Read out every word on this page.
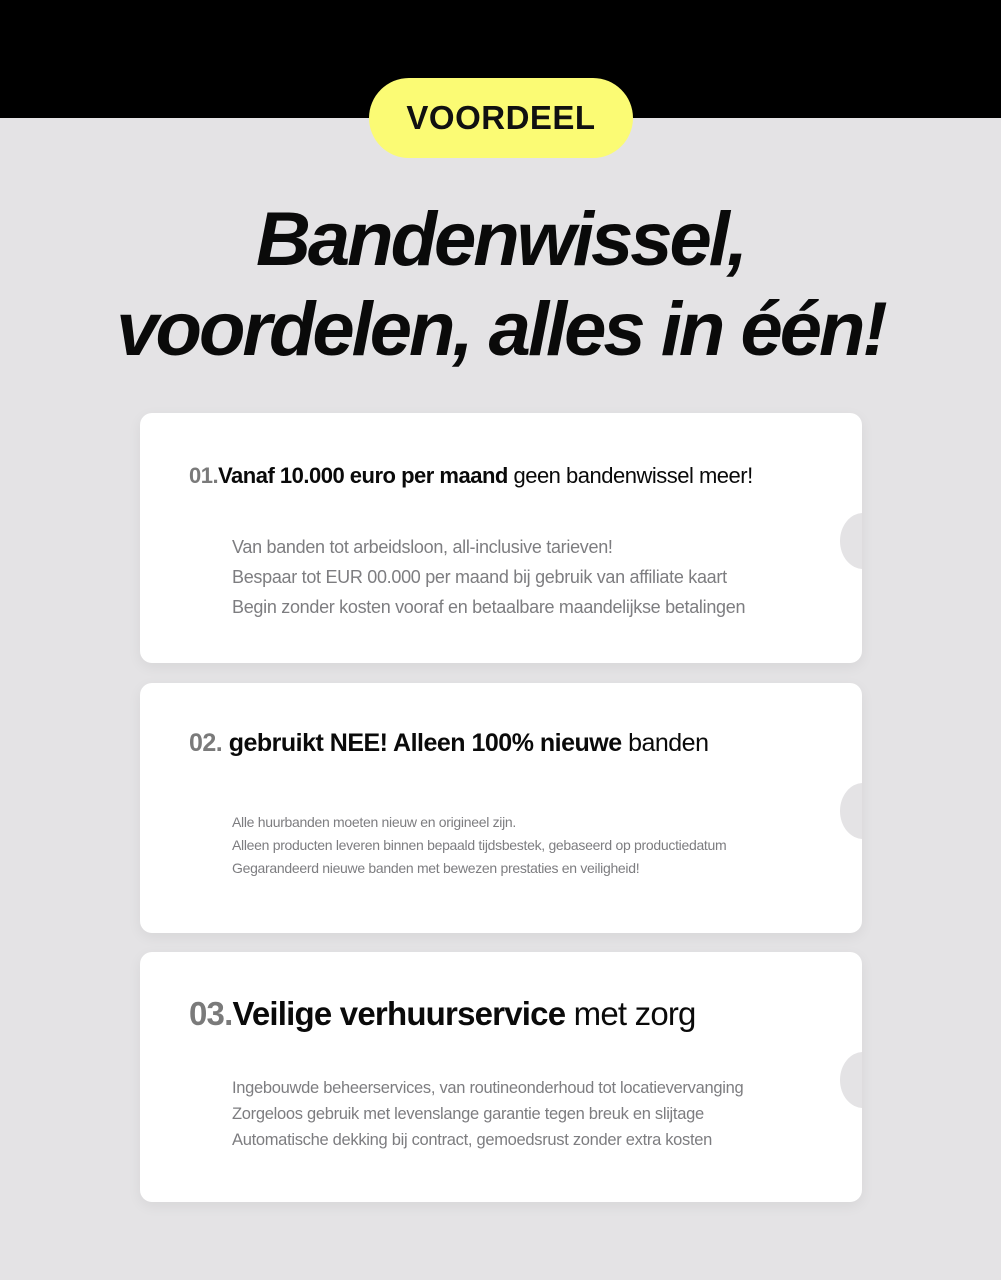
VOORDEEL
Bandenwissel,
voordelen, alles in één!
01.Vanaf 10.000 euro per maand geen bandenwissel meer!
Van banden tot arbeidsloon, all-inclusive tarieven!
Bespaar tot EUR 00.000 per maand bij gebruik van affiliate kaart
Begin zonder kosten vooraf en betaalbare maandelijkse betalingen
02. gebruikt NEE! Alleen 100% nieuwe banden
Alle huurbanden moeten nieuw en origineel zijn.
Alleen producten leveren binnen bepaald tijdsbestek, gebaseerd op productiedatum
Gegarandeerd nieuwe banden met bewezen prestaties en veiligheid!
03.Veilige verhuurservice met zorg
Ingebouwde beheerservices, van routineonderhoud tot locatievervanging
Zorgeloos gebruik met levenslange garantie tegen breuk en slijtage
Automatische dekking bij contract, gemoedsrust zonder extra kosten
